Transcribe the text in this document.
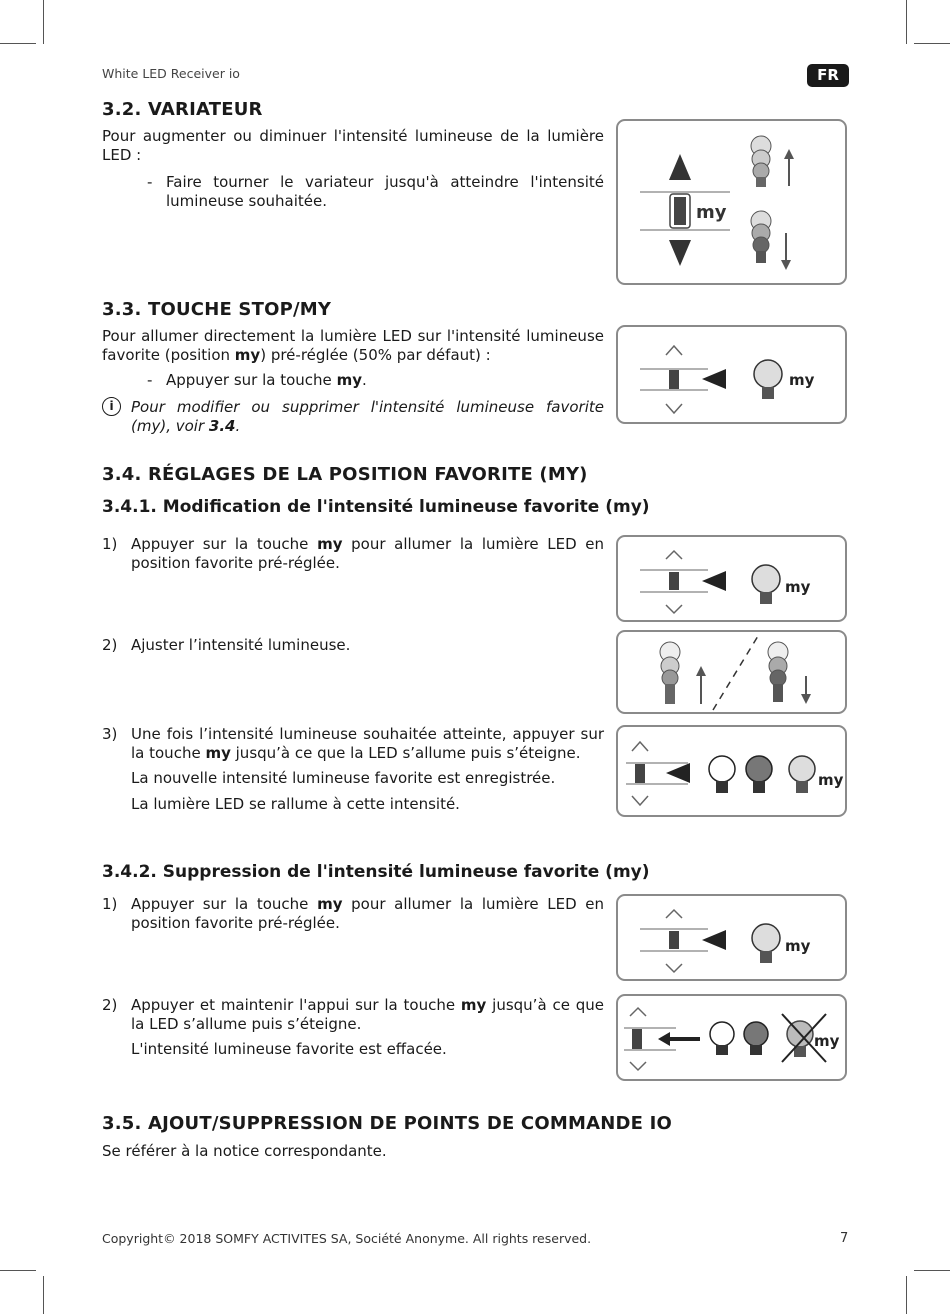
White LED Receiver io	FR
3.2. VARIATEUR
Pour augmenter ou diminuer l'intensité lumineuse de la lumière LED :
- Faire tourner le variateur jusqu'à atteindre l'intensité lumineuse souhaitée.
my
3.3. TOUCHE STOP/MY
Pour allumer directement la lumière LED sur l'intensité lumineuse favorite (position my) pré-réglée (50% par défaut) :
- Appuyer sur la touche my.
i	Pour modifier ou supprimer l'intensité lumineuse favorite (my), voir 3.4.
my
3.4. RÉGLAGES DE LA POSITION FAVORITE (MY)
3.4.1. Modification de l'intensité lumineuse favorite (my)
1) Appuyer sur la touche my pour allumer la lumière LED en position favorite pré-réglée.
my
2) Ajuster l’intensité lumineuse.
3) Une fois l’intensité lumineuse souhaitée atteinte, appuyer sur la touche my jusqu’à ce que la LED s’allume puis s’éteigne.
La nouvelle intensité lumineuse favorite est enregistrée.
La lumière LED se rallume à cette intensité.
my
3.4.2. Suppression de l'intensité lumineuse favorite (my)
1) Appuyer sur la touche my pour allumer la lumière LED en position favorite pré-réglée.
my
2) Appuyer et maintenir l'appui sur la touche my jusqu’à ce que la LED s’allume puis s’éteigne.
L'intensité lumineuse favorite est effacée.	my
3.5. AJOUT/SUPPRESSION DE POINTS DE COMMANDE IO
Se référer à la notice correspondante.
Copyright© 2018 SOMFY ACTIVITES SA, Société Anonyme. All rights reserved.	7
